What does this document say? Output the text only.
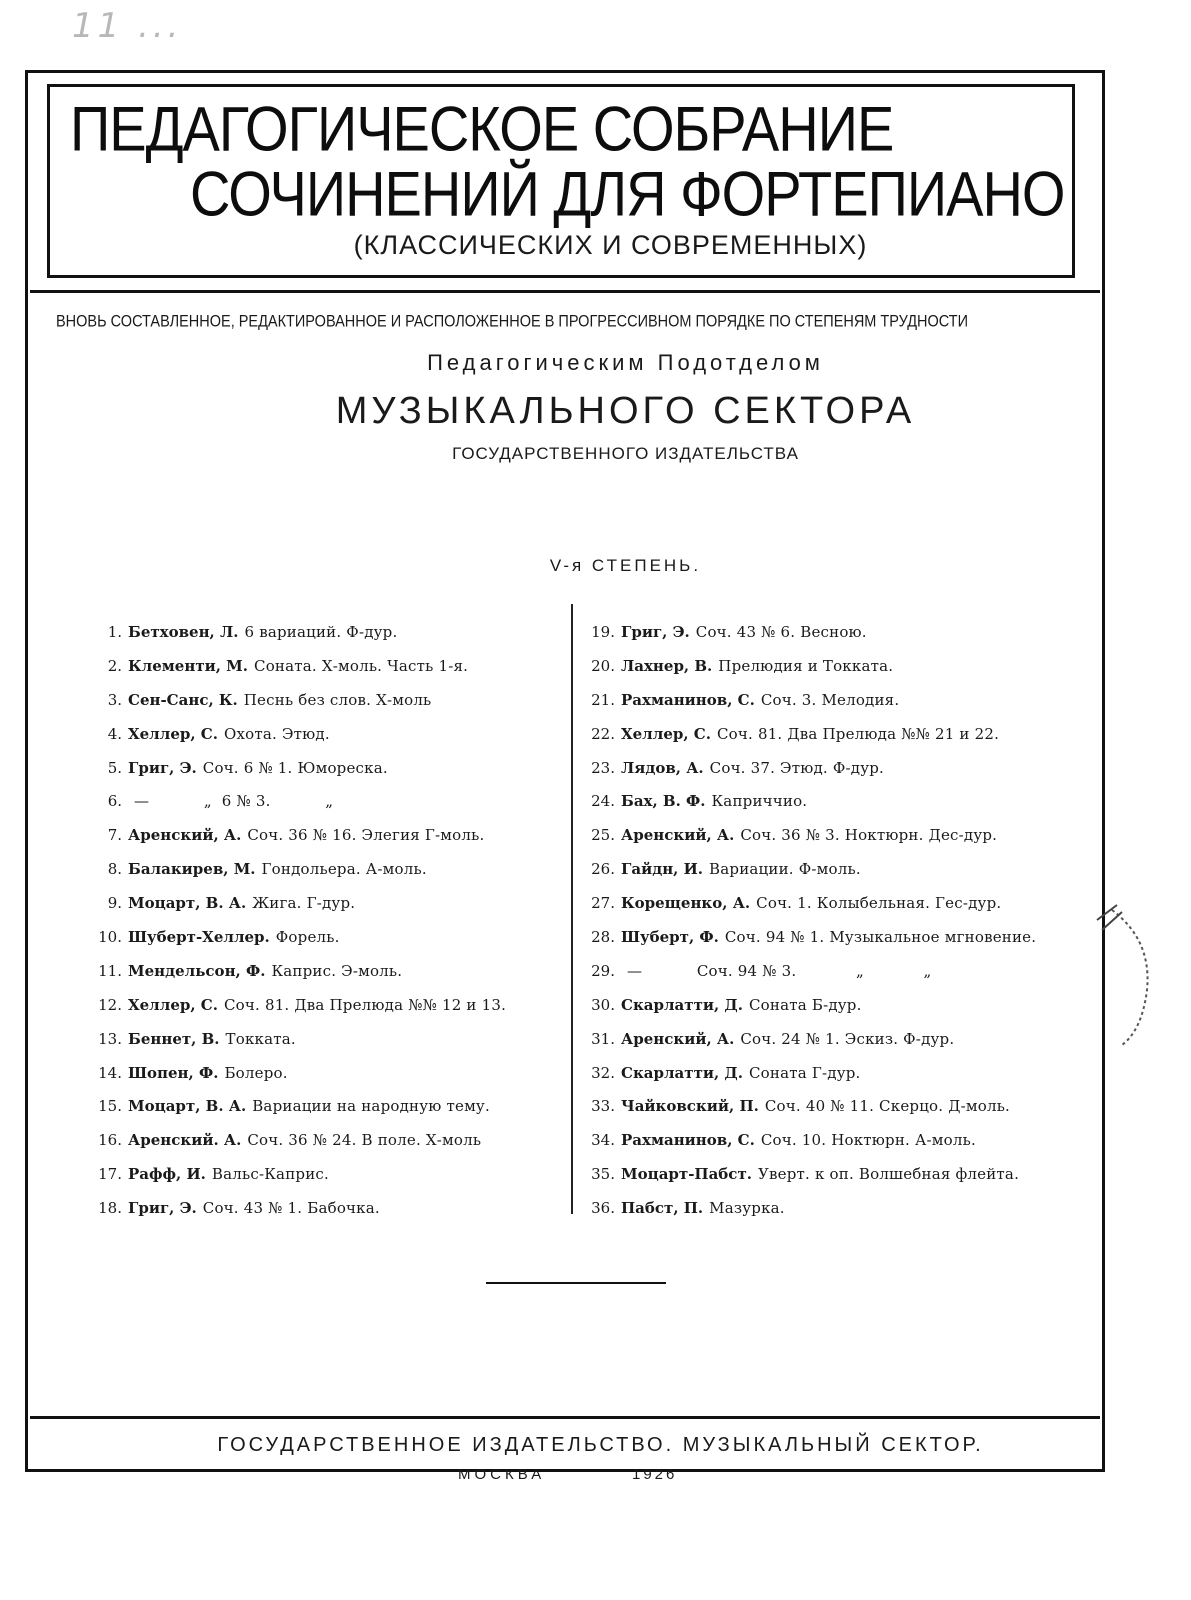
11 ...
ПЕДАГОГИЧЕСКОЕ СОБРАНИЕ
СОЧИНЕНИЙ ДЛЯ ФОРТЕПИАНО
(КЛАССИЧЕСКИХ И СОВРЕМЕННЫХ)
ВНОВЬ СОСТАВЛЕННОЕ, РЕДАКТИРОВАННОЕ И РАСПОЛОЖЕННОЕ В ПРОГРЕССИВНОМ ПОРЯДКЕ ПО СТЕПЕНЯМ ТРУДНОСТИ
Педагогическим Подотделом
МУЗЫКАЛЬНОГО СЕКТОРА
ГОСУДАРСТВЕННОГО ИЗДАТЕЛЬСТВА
V-я СТЕПЕНЬ.
1. Бетховен, Л. 6 вариаций. Ф-дур.
2. Клементи, М. Соната. Х-моль. Часть 1-я.
3. Сен-Санс, К. Песнь без слов. Х-моль
4. Хеллер, С. Охота. Этюд.
5. Григ, Э. Соч. 6 № 1. Юмореска.
6. —           „  6 № 3.           „
7. Аренский, А. Соч. 36 № 16. Элегия Г-моль.
8. Балакирев, М. Гондольера. А-моль.
9. Моцарт, В. А. Жига. Г-дур.
10. Шуберт-Хеллер. Форель.
11. Мендельсон, Ф. Каприс. Э-моль.
12. Хеллер, С. Соч. 81. Два Прелюда №№ 12 и 13.
13. Беннет, В. Токката.
14. Шопен, Ф. Болеро.
15. Моцарт, В. А. Вариации на народную тему.
16. Аренский. А. Соч. 36 № 24. В поле. Х-моль
17. Рафф, И. Вальс-Каприс.
18. Григ, Э. Соч. 43 № 1. Бабочка.
19. Григ, Э. Соч. 43 № 6. Весною.
20. Лахнер, В. Прелюдия и Токката.
21. Рахманинов, С. Соч. 3. Мелодия.
22. Хеллер, С. Соч. 81. Два Прелюда №№ 21 и 22.
23. Лядов, А. Соч. 37. Этюд. Ф-дур.
24. Бах, В. Ф. Каприччио.
25. Аренский, А. Соч. 36 № 3. Ноктюрн. Дес-дур.
26. Гайдн, И. Вариации. Ф-моль.
27. Корещенко, А. Соч. 1. Колыбельная. Гес-дур.
28. Шуберт, Ф. Соч. 94 № 1. Музыкальное мгновение.
29. —           Соч. 94 № 3.            „            „
30. Скарлатти, Д. Соната Б-дур.
31. Аренский, А. Соч. 24 № 1. Эскиз. Ф-дур.
32. Скарлатти, Д. Соната Г-дур.
33. Чайковский, П. Соч. 40 № 11. Скерцо. Д-моль.
34. Рахманинов, С. Соч. 10. Ноктюрн. А-моль.
35. Моцарт-Пабст. Уверт. к оп. Волшебная флейта.
36. Пабст, П. Мазурка.
ГОСУДАРСТВЕННОЕ ИЗДАТЕЛЬСТВО. МУЗЫКАЛЬНЫЙ СЕКТОР.
МОСКВА	1926
